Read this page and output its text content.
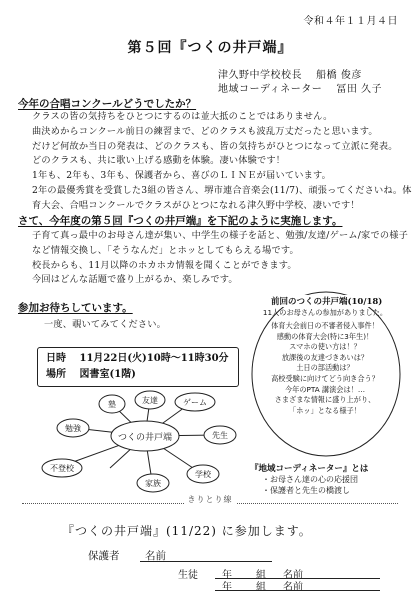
令和４年１１月４日
第５回『つくの井戸端』
津久野中学校校長　 船橋 俊彦
地域コーディネーター　 冨田 久子
今年の合唱コンクールどうでしたか？
クラスの皆の気持ちをひとつにするのは並大抵のことではありません。
曲決めからコンクール前日の練習まで、どのクラスも波乱万丈だったと思います。
だけど何故か当日の発表は、どのクラスも、皆の気持ちがひとつになって立派に発表。
どのクラスも、共に歌い上げる感動を体験。凄い体験です！
1年も、2年も、3年も、保護者から、喜びのＬＩＮＥが届いています。
2年の最優秀賞を受賞した3組の皆さん、堺市連合音楽会(11/7)、頑張ってくださいね。体
育大会、合唱コンクールでクラスがひとつになれる津久野中学校、凄いです！
さて、今年度の第５回『つくの井戸端』を下記のように実施します。
子育て真っ最中のお母さん達が集い、中学生の様子を話と、勉強/友達/ゲーム/家での様子
など情報交換し、「そうなんだ」とホッとしてもらえる場です。
校長からも、11月以降のホカホカ情報を聞くことができます。
今回はどんな話題で盛り上がるか、楽しみです。
参加お待ちしています。
一度、覗いてみてください。
日時　 11月22日(火)10時～11時30分
場所　 図書室(1階)
塾	友達	ゲーム
勉強
先生
不登校
家族
学校
つくの井戸端
前回のつくの井戸端(10/18)
11人のお母さんの参加がありました。
体育大会前日の不審者侵入事件！
感動の体育大会(特に3年生)！
スマホの使い方は！？
放課後の友達づきあいは？
土日の部活動は？
高校受験に向けてどう向き合う？
今年のPTA 講演会は！…
さまざまな情報に盛り上がり、
「ホッ」となる様子！
『地域コーディネーター』とは
・お母さん達の心の応援団
・保護者と先生の橋渡し
きりとり線
『つくの井戸端』(11/22) に参加します。
保護者 名前
生徒 年 組 名前
年 組 名前
